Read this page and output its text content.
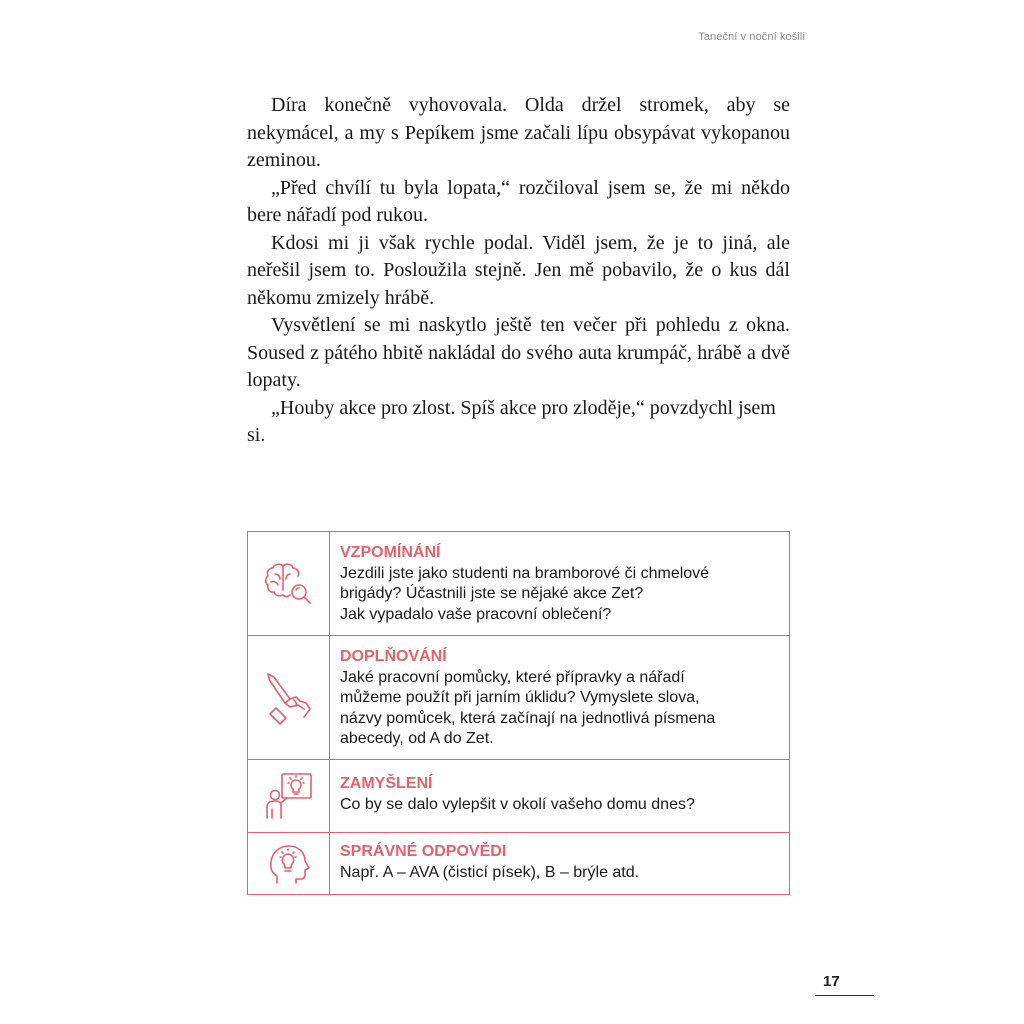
Taneční v noční košili

Díra konečně vyhovovala. Olda držel stromek, aby se nekymácel, a my s Pepíkem jsme začali lípu obsypávat vykopanou zeminou.

„Před chvílí tu byla lopata,“ rozčiloval jsem se, že mi někdo bere nářadí pod rukou.

Kdosi mi ji však rychle podal. Viděl jsem, že je to jiná, ale neřešil jsem to. Posloužila stejně. Jen mě pobavilo, že o kus dál někomu zmizely hrábě.

Vysvětlení se mi naskytlo ještě ten večer při pohledu z okna. Soused z pátého hbitě nakládal do svého auta krumpáč, hrábě a dvě lopaty.

„Houby akce pro zlost. Spíš akce pro zloděje,“ povzdychl jsem si.

VZPOMÍNÁNÍ
Jezdili jste jako studenti na bramborové či chmelové
brigády? Účastnili jste se nějaké akce Zet?
Jak vypadalo vaše pracovní oblečení?

DOPLŇOVÁNÍ
Jaké pracovní pomůcky, které přípravky a nářadí
můžeme použít při jarním úklidu? Vymyslete slova,
názvy pomůcek, která začínají na jednotlivá písmena
abecedy, od A do Zet.

ZAMYŠLENÍ
Co by se dalo vylepšit v okolí vašeho domu dnes?

SPRÁVNÉ ODPOVĚDI
Např. A – AVA (čisticí písek), B – brýle atd.
17
